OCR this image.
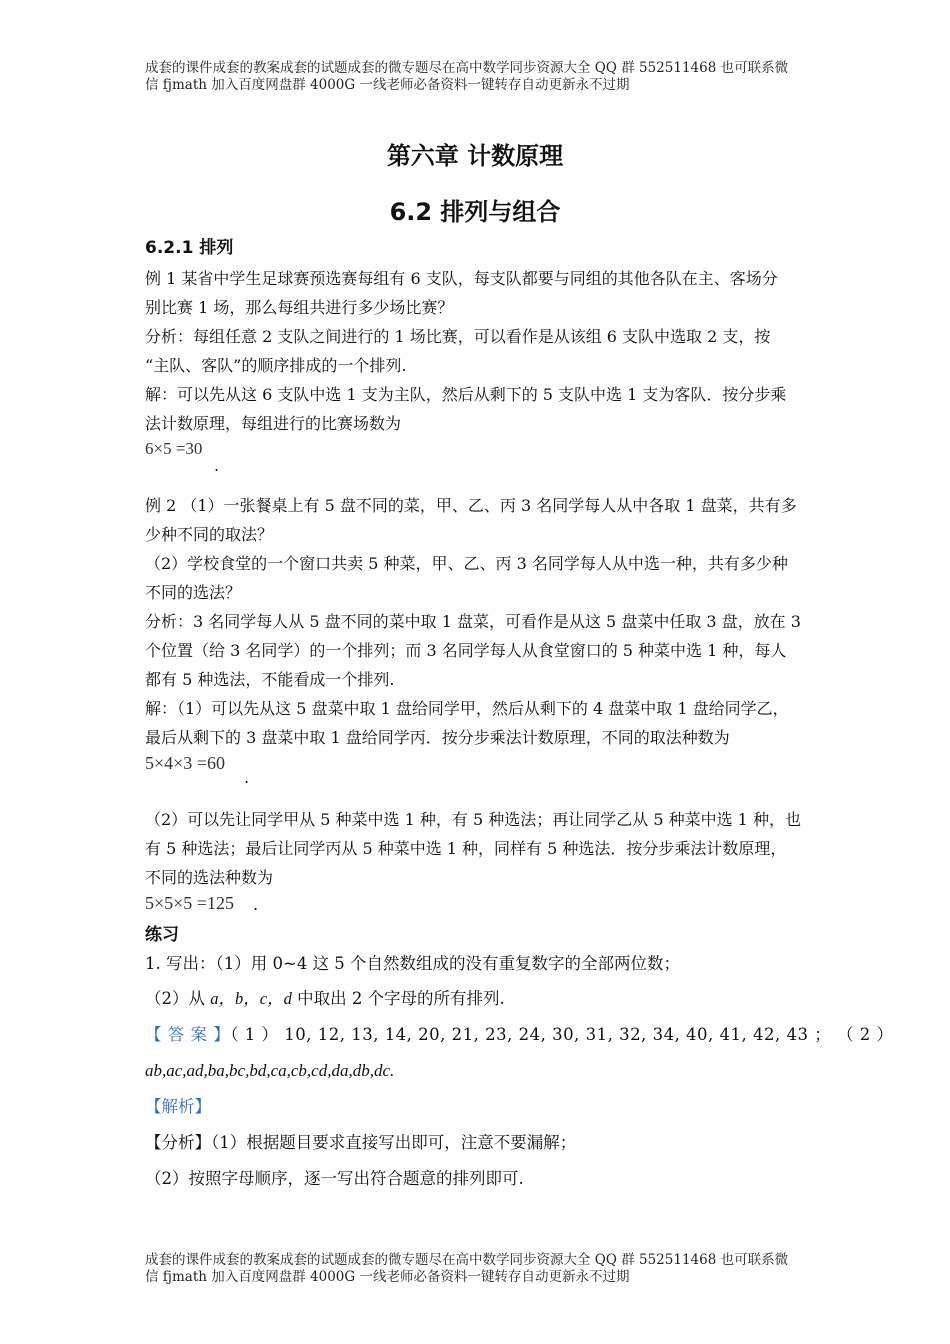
成套的课件成套的教案成套的试题成套的微专题尽在高中数学同步资源大全 QQ 群 552511468 也可联系微
信 fjmath 加入百度网盘群 4000G 一线老师必备资料一键转存自动更新永不过期
第六章 计数原理
6.2 排列与组合
6.2.1 排列
例 1 某省中学生足球赛预选赛每组有 6 支队，每支队都要与同组的其他各队在主、客场分
别比赛 1 场，那么每组共进行多少场比赛？
分析：每组任意 2 支队之间进行的 1 场比赛，可以看作是从该组 6 支队中选取 2 支，按
“主队、客队”的顺序排成的一个排列.
解：可以先从这 6 支队中选 1 支为主队，然后从剩下的 5 支队中选 1 支为客队．按分步乘
法计数原理，每组进行的比赛场数为
6×5 =30
.
例 2 （1）一张餐桌上有 5 盘不同的菜，甲、乙、丙 3 名同学每人从中各取 1 盘菜，共有多
少种不同的取法？
（2）学校食堂的一个窗口共卖 5 种菜，甲、乙、丙 3 名同学每人从中选一种，共有多少种
不同的选法？
分析：3 名同学每人从 5 盘不同的菜中取 1 盘菜，可看作是从这 5 盘菜中任取 3 盘，放在 3
个位置（给 3 名同学）的一个排列；而 3 名同学每人从食堂窗口的 5 种菜中选 1 种，每人
都有 5 种选法，不能看成一个排列.
解：（1）可以先从这 5 盘菜中取 1 盘给同学甲，然后从剩下的 4 盘菜中取 1 盘给同学乙，
最后从剩下的 3 盘菜中取 1 盘给同学丙．按分步乘法计数原理，不同的取法种数为
5×4×3 =60
.
（2）可以先让同学甲从 5 种菜中选 1 种，有 5 种选法；再让同学乙从 5 种菜中选 1 种，也
有 5 种选法；最后让同学丙从 5 种菜中选 1 种，同样有 5 种选法．按分步乘法计数原理，
不同的选法种数为
5×5×5 =125 .
练习
1. 写出：（1）用 0~4 这 5 个自然数组成的没有重复数字的全部两位数；
（2）从 a，b，c，d 中取出 2 个字母的所有排列.
【 答 案 】（ 1 ） 10, 12, 13, 14, 20, 21, 23, 24, 30, 31, 32, 34, 40, 41, 42, 43 ； （ 2 ）
ab,ac,ad,ba,bc,bd,ca,cb,cd,da,db,dc.
【解析】
【分析】（1）根据题目要求直接写出即可，注意不要漏解；
（2）按照字母顺序，逐一写出符合题意的排列即可.
成套的课件成套的教案成套的试题成套的微专题尽在高中数学同步资源大全 QQ 群 552511468 也可联系微
信 fjmath 加入百度网盘群 4000G 一线老师必备资料一键转存自动更新永不过期
